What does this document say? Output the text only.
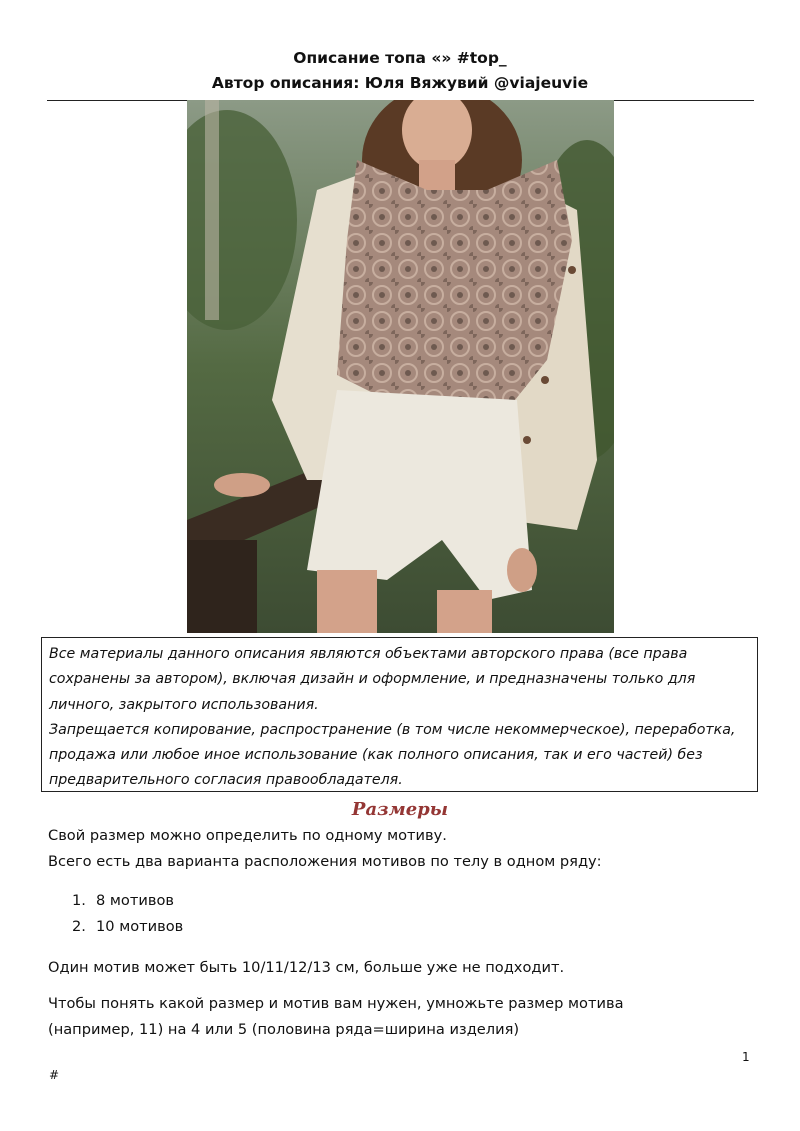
Описание топа «» #top_
Автор описания: Юля Вяжувий @viajeuvie

Все материалы данного описания являются объектами авторского права (все права сохранены за автором), включая дизайн и оформление, и предназначены только для личного, закрытого использования.

Запрещается копирование, распространение (в том числе некоммерческое), переработка, продажа или любое иное использование (как полного описания, так и его частей) без предварительного согласия правообладателя.

Размеры

Свой размер можно определить по одному мотиву.

Всего есть два варианта расположения мотивов по телу в одном ряду:

1. 8 мотивов
2. 10 мотивов

Один мотив может быть 10/11/12/13 см, больше уже не подходит.

Чтобы понять какой размер и мотив вам нужен, умножьте размер мотива

(например, 11) на 4 или 5 (половина ряда=ширина изделия)

1
#
